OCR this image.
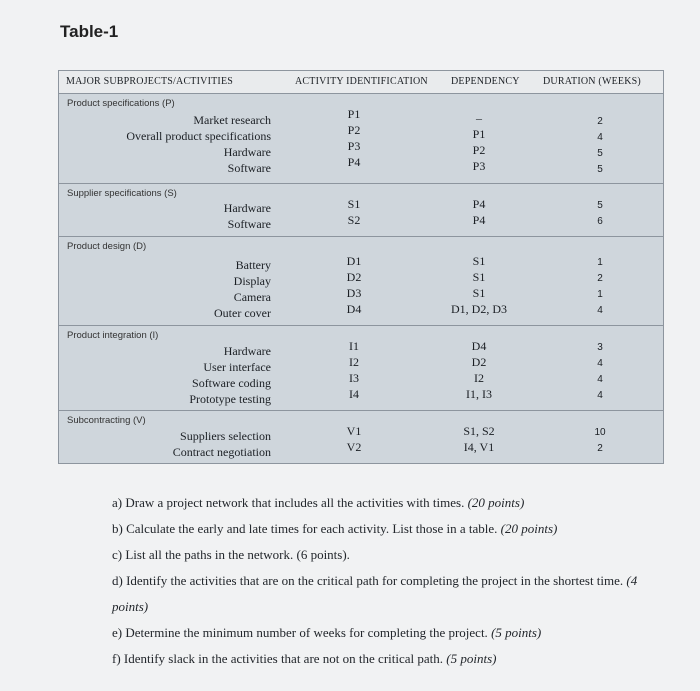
Table-1
MAJOR SUBPROJECTS/ACTIVITIES	ACTIVITY IDENTIFICATION DEPENDENCY DURATION (WEEKS)
Product specifications (P)
Market research
Overall product specifications
Hardware
Software
P1
P2
P3
P4
–
P1
P2
P3
2
4
5
5
Supplier specifications (S)
Hardware
Software
S1
S2
P4
P4
5
6
Product design (D)
Battery
Display
Camera
Outer cover
D1
D2
D3
D4
S1
S1
S1
D1, D2, D3
1
2
1
4
Product integration (I)
Hardware
User interface
Software coding
Prototype testing
I1
I2
I3
I4
D4
D2
I2
I1, I3
3
4
4
4
Subcontracting (V)
Suppliers selection
Contract negotiation
V1
V2
S1, S2
I4, V1
10
2

a) Draw a project network that includes all the activities with times. (20 points)

b) Calculate the early and late times for each activity. List those in a table. (20 points)

c) List all the paths in the network. (6 points).

d) Identify the activities that are on the critical path for completing the project in the shortest time. (4 points)

e) Determine the minimum number of weeks for completing the project. (5 points)

f) Identify slack in the activities that are not on the critical path. (5 points)
